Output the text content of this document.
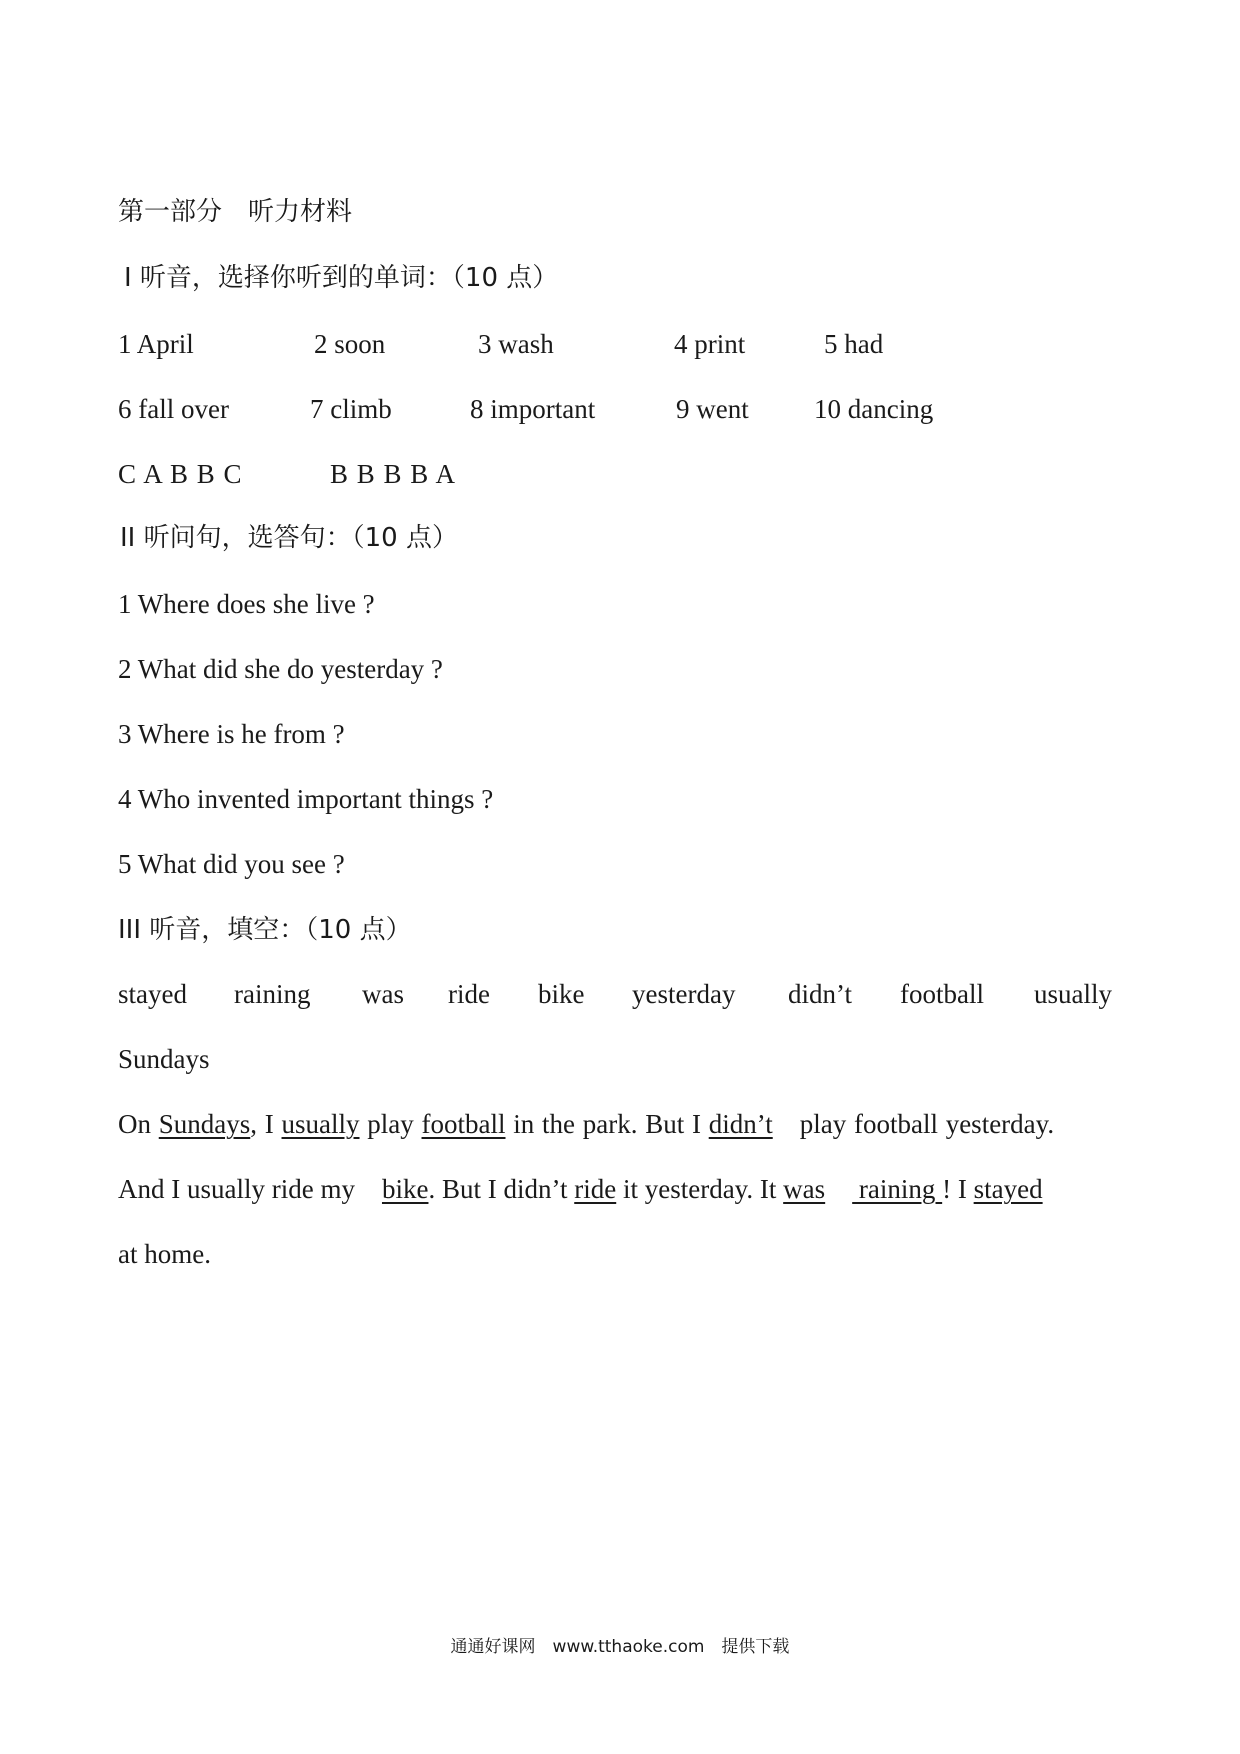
第一部分　听力材料
I 听音，选择你听到的单词：（10 点）
1 April	2 soon	3 wash	4 print	5 had
6 fall over	7 climb	8 important	9 went 10 dancing
C A B B C	B B B B A
II 听问句，选答句：（10 点）
1 Where does she live ?
2 What did she do yesterday ?
3 Where is he from ?
4 Who invented important things ?
5 What did you see ?
III 听音，填空：（10 点）
stayed raining was ride bike yesterday didn’t football usually
Sundays
On Sundays, I usually play football in the park. But I didn’t　play football yesterday.
And I usually ride my　bike. But I didn’t ride it yesterday. It was　 raining ! I stayed
at home.
通通好课网　www.tthaoke.com　提供下载
